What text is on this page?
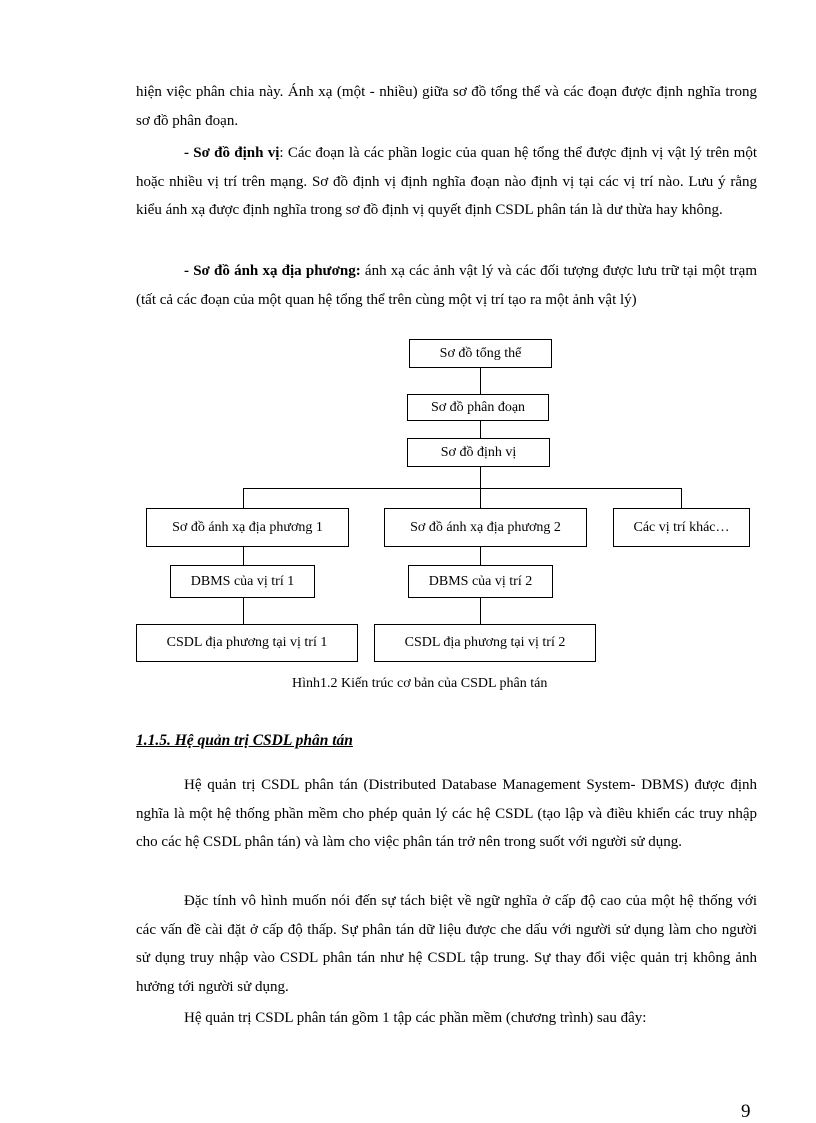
hiện việc phân chia này. Ánh xạ (một - nhiều) giữa sơ đồ tổng thể và các đoạn được định nghĩa trong sơ đồ phân đoạn.

- Sơ đồ định vị: Các đoạn là các phần logic của quan hệ tổng thể được định vị vật lý trên một hoặc nhiều vị trí trên mạng. Sơ đồ định vị định nghĩa đoạn nào định vị tại các vị trí nào. Lưu ý rằng kiểu ánh xạ được định nghĩa trong sơ đồ định vị quyết định CSDL phân tán là dư thừa hay không.

- Sơ đồ ánh xạ địa phương: ánh xạ các ảnh vật lý và các đối tượng được lưu trữ tại một trạm (tất cả các đoạn của một quan hệ tổng thể trên cùng một vị trí tạo ra một ảnh vật lý)

Sơ đồ tổng thể
Sơ đồ phân đoạn
Sơ đồ định vị
Sơ đồ ánh xạ địa phương 1	Sơ đồ ánh xạ địa phương 2	Các vị trí khác…
DBMS của vị trí 1	DBMS của vị trí 2
CSDL địa phương tại vị trí 1	CSDL địa phương tại vị trí 2
Hình1.2 Kiến trúc cơ bản của CSDL phân tán
1.1.5. Hệ quản trị CSDL phân tán

Hệ quản trị CSDL phân tán (Distributed Database Management System- DBMS) được định nghĩa là một hệ thống phần mềm cho phép quản lý các hệ CSDL (tạo lập và điều khiển các truy nhập cho các hệ CSDL phân tán) và làm cho việc phân tán trở nên trong suốt với người sử dụng.

Đặc tính vô hình muốn nói đến sự tách biệt về ngữ nghĩa ở cấp độ cao của một hệ thống với các vấn đề cài đặt ở cấp độ thấp. Sự phân tán dữ liệu được che dấu với người sử dụng làm cho người sử dụng truy nhập vào CSDL phân tán như hệ CSDL tập trung. Sự thay đổi việc quản trị không ảnh hưởng tới người sử dụng.

Hệ quản trị CSDL phân tán gồm 1 tập các phần mềm (chương trình) sau đây:

9
